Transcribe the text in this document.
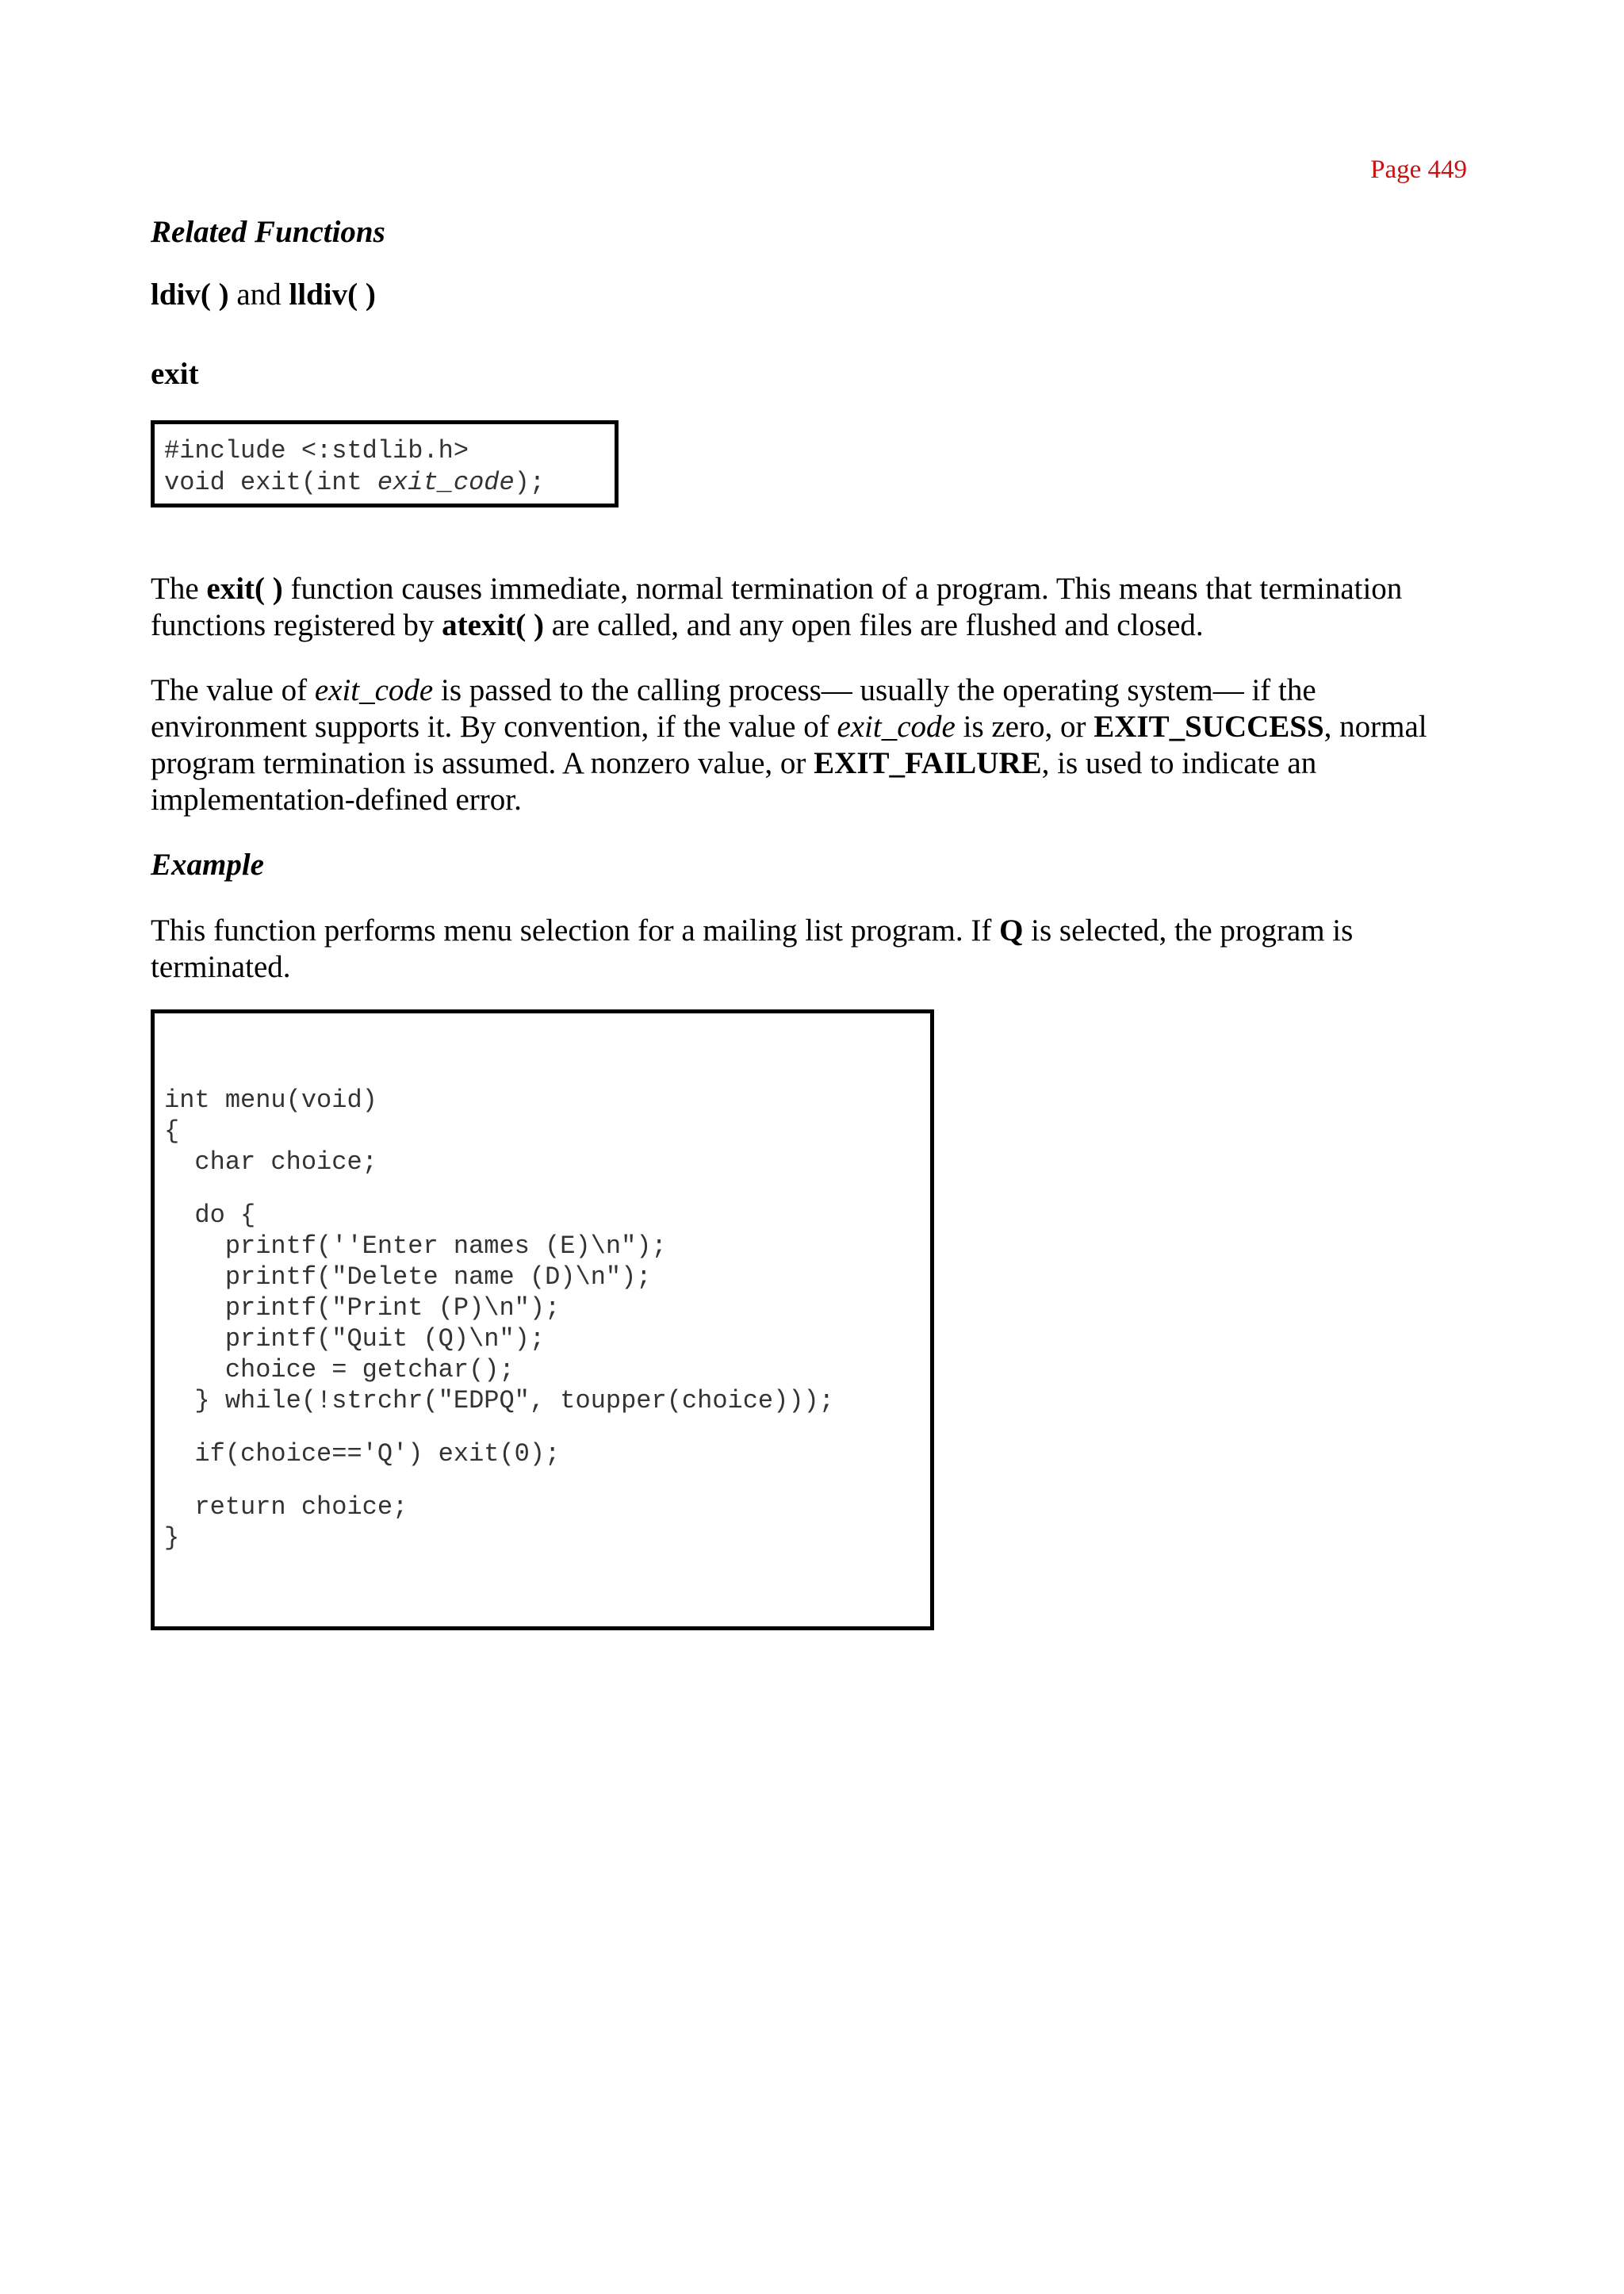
Page 449

Related Functions

ldiv( ) and lldiv( )

exit

#include <:stdlib.h>
void exit(int exit_code);

The exit( ) function causes immediate, normal termination of a program. This means that termination functions registered by atexit( ) are called, and any open files are flushed and closed.

The value of exit_code is passed to the calling process— usually the operating system— if the environment supports it. By convention, if the value of exit_code is zero, or EXIT_SUCCESS, normal program termination is assumed. A nonzero value, or EXIT_FAILURE, is used to indicate an implementation-defined error.

Example

This function performs menu selection for a mailing list program. If Q is selected, the program is terminated.

int menu(void)
{
char choice;
do {
printf(''Enter names (E)\n");
printf("Delete name (D)\n");
printf("Print (P)\n");
printf("Quit (Q)\n");
choice = getchar();
} while(!strchr("EDPQ", toupper(choice)));
if(choice=='Q') exit(0);
return choice;
}
